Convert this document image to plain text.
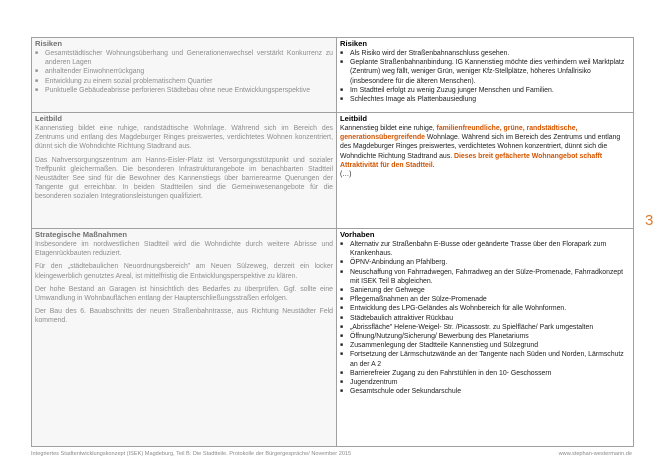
Risiken
■	Gesamtstädtischer Wohnungsüberhang und Generationenwechsel verstärkt Konkurrenz zu anderen Lagen
■	anhaltender Einwohnerrückgang
■	Entwicklung zu einem sozial problematischem Quartier
■	Punktuelle Gebäudeabrisse perforieren Städtebau ohne neue Entwicklungsperspektive
Risiken
■	Als Risiko wird der Straßenbahnanschluss gesehen.
■	Geplante Straßenbahnanbindung. IG Kannenstieg möchte dies verhindern weil Marktplatz (Zentrum) weg fällt, weniger Grün, weniger Kfz-Stellplätze, höheres Unfallrisiko (insbesondere für die älteren Menschen).
■	Im Stadtteil erfolgt zu wenig Zuzug junger Menschen und Familien.
■	Schlechtes Image als Plattenbausiedlung
Leitbild

Kannenstieg bildet eine ruhige, randstädtische Wohnlage. Während sich im Bereich des Zentrums und entlang des Magdeburger Ringes preiswertes, verdichtetes Wohnen konzentriert, dünnt sich die Wohndichte Richtung Stadtrand aus.

Das Nahversorgungszentrum am Hanns-Eisler-Platz ist Versorgungsstützpunkt und sozialer Treffpunkt gleichermaßen. Die besonderen Infrastrukturangebote im benachbarten Stadtteil Neustädter See sind für die Bewohner des Kannenstiegs über barrierearme Querungen der Tangente gut erreichbar. In beiden Stadtteilen sind die Gemeinwesenangebote für die besonderen sozialen Integrationsleistungen qualifiziert.

Leitbild

Kannenstieg bildet eine ruhige, familienfreundliche, grüne, randstädtische, generationsübergreifende Wohnlage. Während sich im Bereich des Zentrums und entlang des Magdeburger Ringes preiswertes, verdichtetes Wohnen konzentriert, dünnt sich die Wohndichte Richtung Stadtrand aus. Dieses breit gefächerte Wohnangebot schafft Attraktivität für den Stadtteil.

(…)

Strategische Maßnahmen

Insbesondere im nordwestlichen Stadtteil wird die Wohndichte durch weitere Abrisse und Etagenrückbauten reduziert.

Für den „städtebaulichen Neuordnungsbereich" am Neuen Sülzeweg, derzeit ein locker kleingewerblich genutztes Areal, ist mittelfristig die Entwicklungsperspektive zu klären.

Der hohe Bestand an Garagen ist hinsichtlich des Bedarfes zu überprüfen. Ggf. sollte eine Umwandlung in Wohnbauflächen entlang der Haupterschließungsstraßen erfolgen.

Der Bau des 6. Bauabschnitts der neuen Straßenbahntrasse, aus Richtung Neustädter Feld kommend.

Vorhaben
■	Alternativ zur Straßenbahn E-Busse oder geänderte Trasse über den Florapark zum Krankenhaus.
■	ÖPNV-Anbindung an Pfahlberg.
■	Neuschaffung von Fahrradwegen, Fahrradweg an der Sülze-Promenade, Fahrradkonzept mit ISEK Teil B abgleichen.
■	Sanierung der Gehwege
■	Pflegemaßnahmen an der Sülze-Promenade
■	Entwicklung des LPG-Geländes als Wohnbereich für alle Wohnformen.
■	Städtebaulich attraktiver Rückbau
■	„Abrissfläche" Helene-Weigel- Str. /Picassostr. zu Spielfläche/ Park umgestalten
■	Öffnung/Nutzung/Sicherung/ Bewerbung des Planetariums
■	Zusammenlegung der Stadtteile Kannenstieg und Sülzegrund
■	Fortsetzung der Lärmschutzwände an der Tangente nach Süden und Norden, Lärmschutz an der A 2
■	Barrierefreier Zugang zu den Fahrstühlen in den 10- Geschossern
■	Jugendzentrum
■	Gesamtschule oder Sekundarschule
3
Integriertes Stadtentwicklungskonzept (ISEK) Magdeburg, Teil B: Die Stadtteile. Protokolle der Bürgergespräche/ November 2015	www.stephan-westermann.de
